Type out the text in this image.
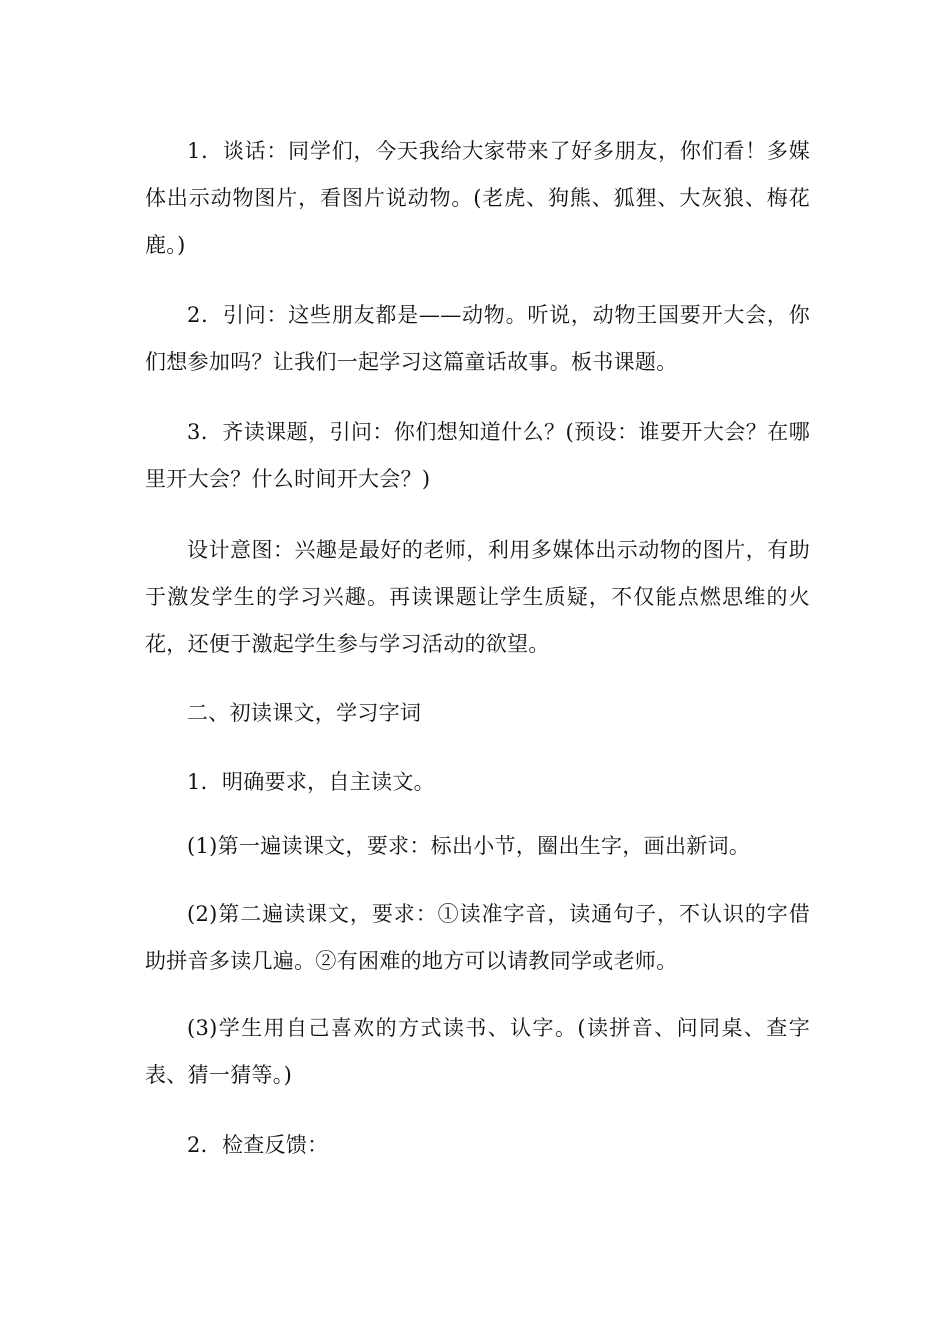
1．谈话：同学们，今天我给大家带来了好多朋友，你们看！多媒体出示动物图片，看图片说动物。(老虎、狗熊、狐狸、大灰狼、梅花鹿。)

2．引问：这些朋友都是——动物。听说，动物王国要开大会，你们想参加吗？让我们一起学习这篇童话故事。板书课题。

3．齐读课题，引问：你们想知道什么？(预设：谁要开大会？在哪里开大会？什么时间开大会？)

设计意图：兴趣是最好的老师，利用多媒体出示动物的图片，有助于激发学生的学习兴趣。再读课题让学生质疑，不仅能点燃思维的火花，还便于激起学生参与学习活动的欲望。

二、初读课文，学习字词

1．明确要求，自主读文。

(1)第一遍读课文，要求：标出小节，圈出生字，画出新词。

(2)第二遍读课文，要求：①读准字音，读通句子，不认识的字借助拼音多读几遍。②有困难的地方可以请教同学或老师。

(3)学生用自己喜欢的方式读书、认字。(读拼音、问同桌、查字表、猜一猜等。)

2．检查反馈：
